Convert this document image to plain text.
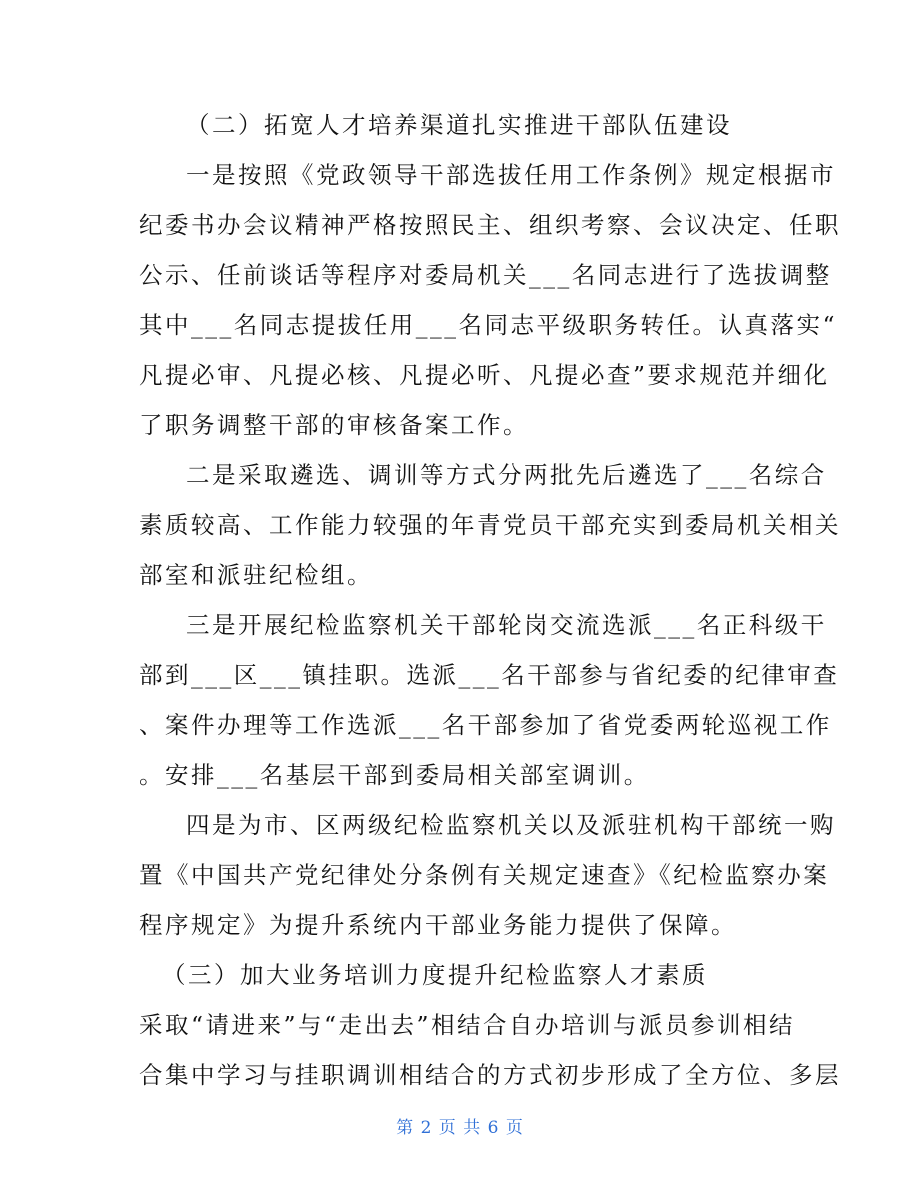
（二）拓宽人才培养渠道扎实推进干部队伍建设
一是按照《党政领导干部选拔任用工作条例》规定根据市
纪委书办会议精神严格按照民主、组织考察、会议决定、任职
公示、任前谈话等程序对委局机关___名同志进行了选拔调整
其中___名同志提拔任用___名同志平级职务转任。认真落实“
凡提必审、凡提必核、凡提必听、凡提必查”要求规范并细化
了职务调整干部的审核备案工作。
二是采取遴选、调训等方式分两批先后遴选了___名综合
素质较高、工作能力较强的年青党员干部充实到委局机关相关
部室和派驻纪检组。
三是开展纪检监察机关干部轮岗交流选派___名正科级干
部到___区___镇挂职。选派___名干部参与省纪委的纪律审查
、案件办理等工作选派___名干部参加了省党委两轮巡视工作
。安排___名基层干部到委局相关部室调训。
四是为市、区两级纪检监察机关以及派驻机构干部统一购
置《中国共产党纪律处分条例有关规定速查》《纪检监察办案
程序规定》为提升系统内干部业务能力提供了保障。
（三）加大业务培训力度提升纪检监察人才素质
采取“请进来”与“走出去”相结合自办培训与派员参训相结
合集中学习与挂职调训相结合的方式初步形成了全方位、多层
第 2 页 共 6 页
